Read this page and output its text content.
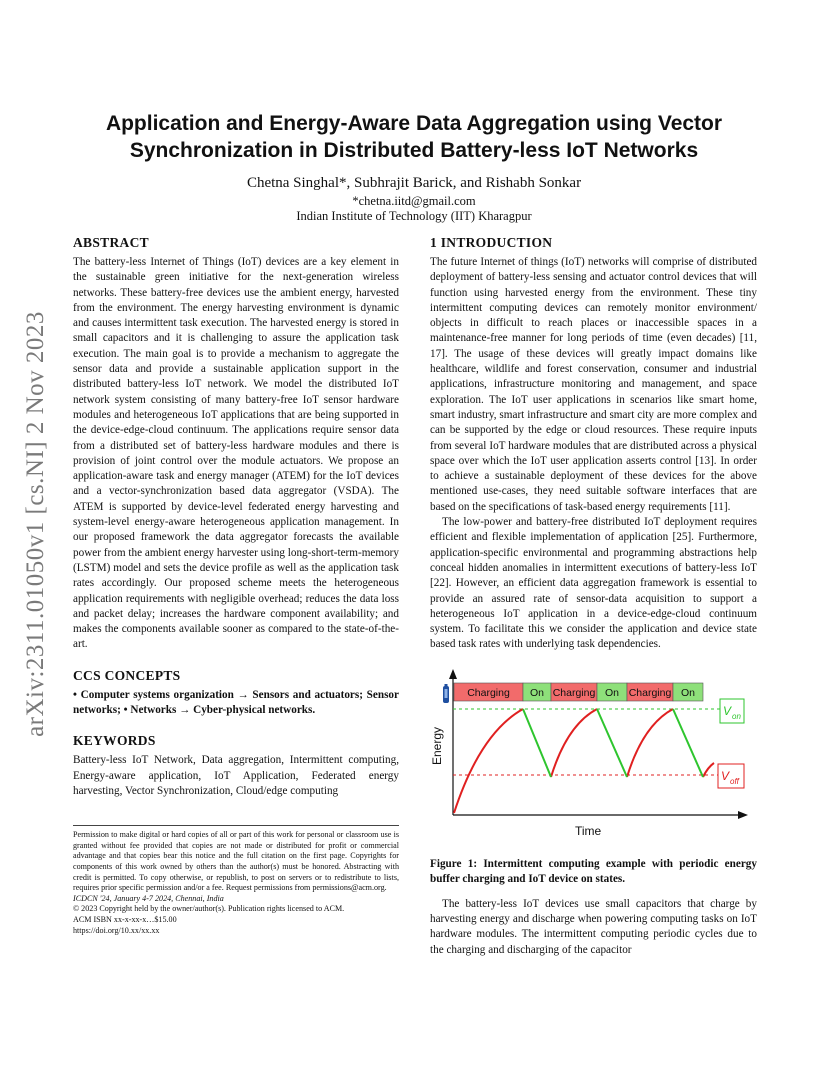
arXiv:2311.01050v1 [cs.NI] 2 Nov 2023
Application and Energy-Aware Data Aggregation using Vector Synchronization in Distributed Battery-less IoT Networks
Chetna Singhal*, Subhrajit Barick, and Rishabh Sonkar
*chetna.iitd@gmail.com
Indian Institute of Technology (IIT) Kharagpur
ABSTRACT

The battery-less Internet of Things (IoT) devices are a key element in the sustainable green initiative for the next-generation wireless networks. These battery-free devices use the ambient energy, harvested from the environment. The energy harvesting environment is dynamic and causes intermittent task execution. The harvested energy is stored in small capacitors and it is challenging to assure the application task execution. The main goal is to provide a mechanism to aggregate the sensor data and provide a sustainable application support in the distributed battery-less IoT network. We model the distributed IoT network system consisting of many battery-free IoT sensor hardware modules and heterogeneous IoT applications that are being supported in the device-edge-cloud continuum. The applications require sensor data from a distributed set of battery-less hardware modules and there is provision of joint control over the module actuators. We propose an application-aware task and energy manager (ATEM) for the IoT devices and a vector-synchronization based data aggregator (VSDA). The ATEM is supported by device-level federated energy harvesting and system-level energy-aware heterogeneous application management. In our proposed framework the data aggregator forecasts the available power from the ambient energy harvester using long-short-term-memory (LSTM) model and sets the device profile as well as the application task rates accordingly. Our proposed scheme meets the heterogeneous application requirements with negligible overhead; reduces the data loss and packet delay; increases the hardware component availability; and makes the components available sooner as compared to the state-of-the-art.

CCS CONCEPTS

• Computer systems organization → Sensors and actuators; Sensor networks; • Networks → Cyber-physical networks.

KEYWORDS

Battery-less IoT Network, Data aggregation, Intermittent computing, Energy-aware application, IoT Application, Federated energy harvesting, Vector Synchronization, Cloud/edge computing

Permission to make digital or hard copies of all or part of this work for personal or classroom use is granted without fee provided that copies are not made or distributed for profit or commercial advantage and that copies bear this notice and the full citation on the first page. Copyrights for components of this work owned by others than the author(s) must be honored. Abstracting with credit is permitted. To copy otherwise, or republish, to post on servers or to redistribute to lists, requires prior specific permission and/or a fee. Request permissions from permissions@acm.org.

ICDCN '24, January 4-7 2024, Chennai, India

© 2023 Copyright held by the owner/author(s). Publication rights licensed to ACM.

ACM ISBN xx-x-xx-x…$15.00

https://doi.org/10.xx/xx.xx

1 INTRODUCTION

The future Internet of things (IoT) networks will comprise of distributed deployment of battery-less sensing and actuator control devices that will function using harvested energy from the environment. These tiny intermittent computing devices can remotely monitor environment/ objects in difficult to reach places or inaccessible spaces in a maintenance-free manner for long periods of time (even decades) [11, 17]. The usage of these devices will greatly impact domains like healthcare, wildlife and forest conservation, consumer and industrial applications, infrastructure monitoring and management, and space exploration. The IoT user applications in scenarios like smart home, smart industry, smart infrastructure and smart city are more complex and can be supported by the edge or cloud resources. These require inputs from several IoT hardware modules that are distributed across a physical space over which the IoT user application asserts control [13]. In order to achieve a sustainable deployment of these devices for the above mentioned use-cases, they need suitable software interfaces that are based on the specifications of task-based energy requirements [11].

The low-power and battery-free distributed IoT deployment requires efficient and flexible implementation of application [25]. Furthermore, application-specific environmental and programming abstractions help conceal hidden anomalies in intermittent executions of battery-less IoT [22]. However, an efficient data aggregation framework is essential to provide an assured rate of sensor-data acquisition to support a heterogeneous IoT application in a device-edge-cloud continuum system. To facilitate this we consider the application and device state based task rates with underlying task dependencies.

Charging On Charging On Charging On
Energy
Time
V on
V off

Figure 1: Intermittent computing example with periodic energy buffer charging and IoT device on states.

The battery-less IoT devices use small capacitors that charge by harvesting energy and discharge when powering computing tasks on IoT hardware modules. The intermittent computing periodic cycles due to the charging and discharging of the capacitor
